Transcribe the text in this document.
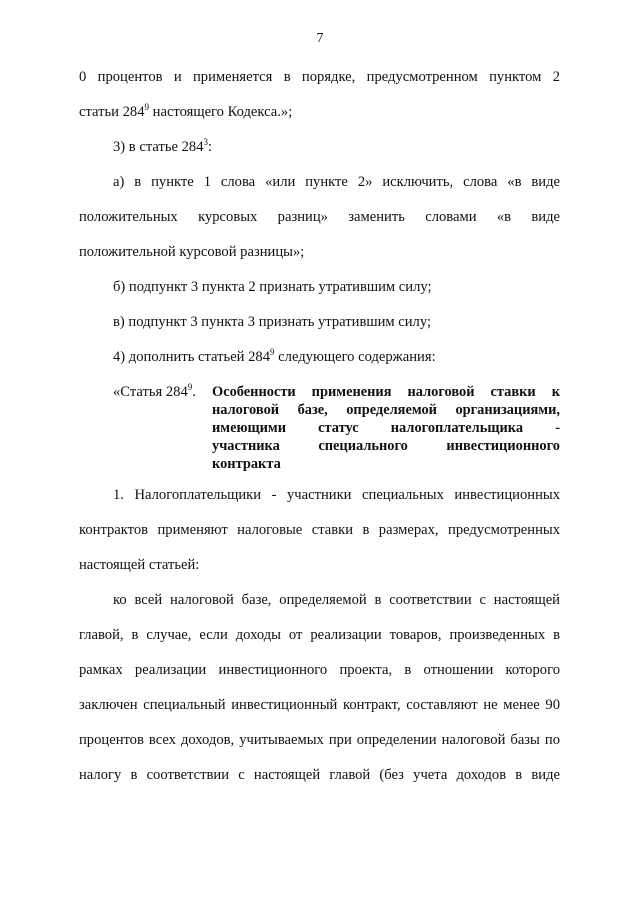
7
0 процентов и применяется в порядке, предусмотренном пунктом 2
статьи $284^9$ настоящего Кодекса.»;
3) в статье $284^3$:
а) в пункте 1 слова «или пункте 2» исключить, слова «в виде
положительных курсовых разниц» заменить словами «в виде
положительной курсовой разницы»;
б) подпункт 3 пункта 2 признать утратившим силу;
в) подпункт 3 пункта 3 признать утратившим силу;
4) дополнить статьей $284^9$ следующего содержания:
«Статья $284^9$. Особенности применения налоговой ставки к
налоговой базе, определяемой организациями,
имеющими статус налогоплательщика -
участника специального инвестиционного
контракта
1. Налогоплательщики - участники специальных инвестиционных
контрактов применяют налоговые ставки в размерах, предусмотренных
настоящей статьей:
ко всей налоговой базе, определяемой в соответствии с настоящей
главой, в случае, если доходы от реализации товаров, произведенных в
рамках реализации инвестиционного проекта, в отношении которого
заключен специальный инвестиционный контракт, составляют не менее 90
процентов всех доходов, учитываемых при определении налоговой базы по
налогу в соответствии с настоящей главой (без учета доходов в виде
